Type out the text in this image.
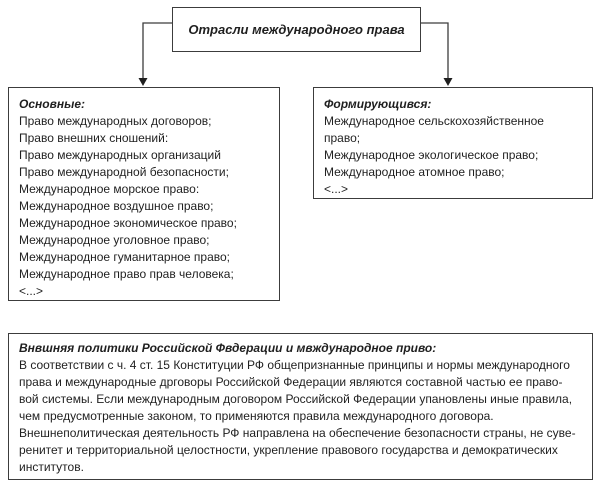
Отрасли международного права
Основные:
Право международных договоров;
Право внешних сношений:
Право международных организаций
Право международной безопасности;
Международное морское право:
Международное воздушное право;
Международное экономическое право;
Международное уголовное право;
Международное гуманитарное право;
Международное право прав человека;
<...>
Формирующився:
Международное сельскохозяйственное
право;
Международное экологическое право;
Международное атомное право;
<...>
Внвшняя политики Российской Фвдерации и мвждународное приво:
В соответствии с ч. 4 ст. 15 Конституции РФ общепризнанные принципы и нормы международного
права и международные дрговоры Российской Федерации являются составной частью ее право-
вой системы. Если международным договором Российской Федерации упановлены иные правила,
чем предусмотренные законом, то применяются правила международного договора.
Внешнеполитическая деятельность РФ направлена на обеспечение безопасности страны, не суве-
ренитет и территориальной целостности, укрепление правового государства и демократических
институтов.
